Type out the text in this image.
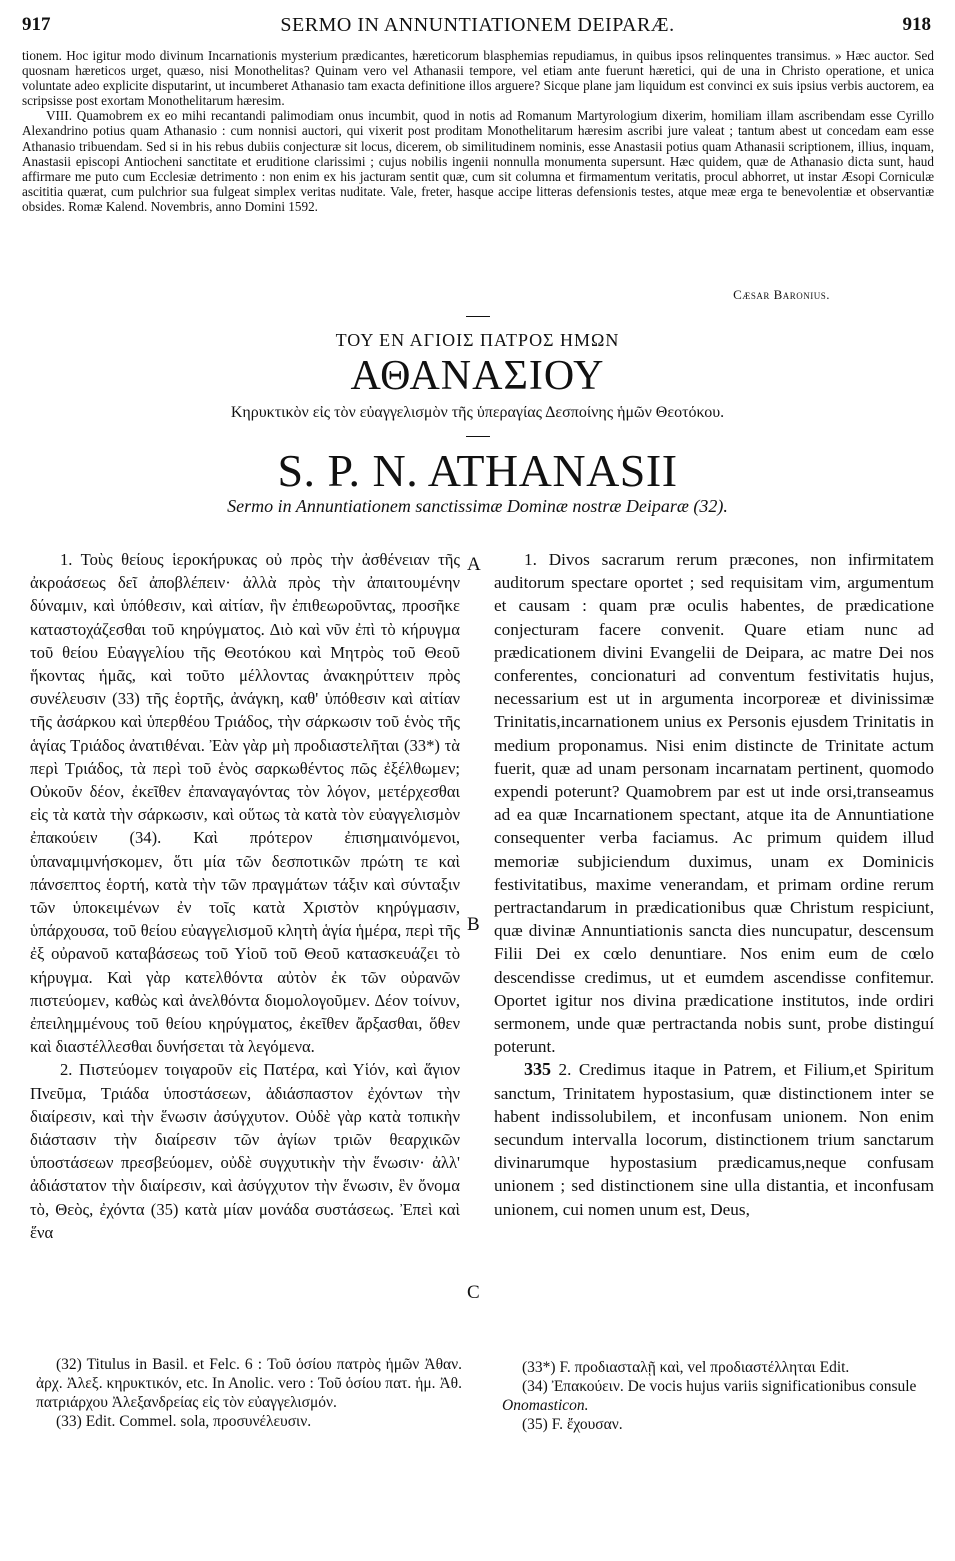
917	SERMO IN ANNUNTIATIONEM DEIPARÆ.	918

tionem. Hoc igitur modo divinum Incarnationis mysterium prædicantes, hæreticorum blasphemias repudiamus, in quibus ipsos relinquentes transimus. » Hæc auctor. Sed quosnam hæreticos urget, quæso, nisi Monothelitas? Quinam vero vel Athanasii tempore, vel etiam ante fuerunt hæretici, qui de una in Christo operatione, et unica voluntate adeo explicite disputarint, ut incumberet Athanasio tam exacta definitione illos arguere? Sicque plane jam liquidum est convinci ex suis ipsius verbis auctorem, ea scripsisse post exortam Monothelitarum hæresim.

VIII. Quamobrem ex eo mihi recantandi palimodiam onus incumbit, quod in notis ad Romanum Martyrologium dixerim, homiliam illam ascribendam esse Cyrillo Alexandrino potius quam Athanasio : cum nonnisi auctori, qui vixerit post proditam Monothelitarum hæresim ascribi jure valeat ; tantum abest ut concedam eam esse Athanasio tribuendam. Sed si in his rebus dubiis conjecturæ sit locus, dicerem, ob similitudinem nominis, esse Anastasii potius quam Athanasii scriptionem, illius, inquam, Anastasii episcopi Antiocheni sanctitate et eruditione clarissimi ; cujus nobilis ingenii nonnulla monumenta supersunt. Hæc quidem, quæ de Athanasio dicta sunt, haud affirmare me puto cum Ecclesiæ detrimento : non enim ex his jacturam sentit quæ, cum sit columna et firmamentum veritatis, procul abhorret, ut instar Æsopi Corniculæ ascititia quærat, cum pulchrior sua fulgeat simplex veritas nuditate. Vale, freter, hasque accipe litteras defensionis testes, atque meæ erga te benevolentiæ et observantiæ obsides. Romæ Kalend. Novembris, anno Domini 1592.

Cæsar Baronius.
ΤΟΥ ΕΝ ΑΓΙΟΙΣ ΠΑΤΡΟΣ ΗΜΩΝ
ΑΘΑΝΑΣΙΟΥ
Κηρυκτικὸν εἰς τὸν εὐαγγελισμὸν τῆς ὑπεραγίας Δεσποίνης ἡμῶν Θεοτόκου.
S. P. N. ATHANASII
Sermo in Annuntiationem sanctissimæ Dominæ nostræ Deiparæ (32).

1. Τοὺς θείους ἱεροκήρυκας οὐ πρὸς τὴν ἀσθένειαν τῆς ἀκροάσεως δεῖ ἀποβλέπειν· ἀλλὰ πρὸς τὴν ἀπαιτουμένην δύναμιν, καὶ ὑπόθεσιν, καὶ αἰτίαν, ἣν ἐπιθεωροῦντας, προσῆκε καταστοχάζεσθαι τοῦ κηρύγματος. Διὸ καὶ νῦν ἐπὶ τὸ κήρυγμα τοῦ θείου Εὐαγγελίου τῆς Θεοτόκου καὶ Μητρὸς τοῦ Θεοῦ ἥκοντας ἡμᾶς, καὶ τοῦτο μέλλοντας ἀνακηρύττειν πρὸς συνέλευσιν (33) τῆς ἑορτῆς, ἀνάγκη, καθ' ὑπόθεσιν καὶ αἰτίαν τῆς ἀσάρκου καὶ ὑπερθέου Τριάδος, τὴν σάρκωσιν τοῦ ἑνὸς τῆς ἁγίας Τριάδος ἀνατιθέναι. Ἐὰν γὰρ μὴ προδιαστελῆται (33*) τὰ περὶ Τριάδος, τὰ περὶ τοῦ ἑνὸς σαρκωθέντος πῶς ἐξέλθωμεν; Οὐκοῦν δέον, ἐκεῖθεν ἐπαναγαγόντας τὸν λόγον, μετέρχεσθαι εἰς τὰ κατὰ τὴν σάρκωσιν, καὶ οὕτως τὰ κατὰ τὸν εὐαγγελισμὸν ἐπακούειν (34). Καὶ πρότερον ἐπισημαινόμενοι, ὑπαναμιμνήσκομεν, ὅτι μία τῶν δεσποτικῶν πρώτη τε καὶ πάνσεπτος ἑορτή, κατὰ τὴν τῶν πραγμάτων τάξιν καὶ σύνταξιν τῶν ὑποκειμένων ἐν τοῖς κατὰ Χριστὸν κηρύγμασιν, ὑπάρχουσα, τοῦ θείου εὐαγγελισμοῦ κλητὴ ἁγία ἡμέρα, περὶ τῆς ἐξ οὐρανοῦ καταβάσεως τοῦ Υἱοῦ τοῦ Θεοῦ κατασκευάζει τὸ κήρυγμα. Καὶ γὰρ κατελθόντα αὐτὸν ἐκ τῶν οὐρανῶν πιστεύομεν, καθὼς καὶ ἀνελθόντα διομολογοῦμεν. Δέον τοίνυν, ἐπειλημμένους τοῦ θείου κηρύγματος, ἐκεῖθεν ἄρξασθαι, ὅθεν καὶ διαστέλλεσθαι δυνήσεται τὰ λεγόμενα.

2. Πιστεύομεν τοιγαροῦν εἰς Πατέρα, καὶ Υἱόν, καὶ ἅγιον Πνεῦμα, Τριάδα ὑποστάσεων, ἀδιάσπαστον ἐχόντων τὴν διαίρεσιν, καὶ τὴν ἕνωσιν ἀσύγχυτον. Οὐδὲ γὰρ κατὰ τοπικὴν διάστασιν τὴν διαίρεσιν τῶν ἁγίων τριῶν θεαρχικῶν ὑποστάσεων πρεσβεύομεν, οὐδὲ συγχυτικὴν τὴν ἕνωσιν· ἀλλ' ἀδιάστατον τὴν διαίρεσιν, καὶ ἀσύγχυτον τὴν ἕνωσιν, ἓν ὄνομα τὸ, Θεὸς, ἐχόντα (35) κατὰ μίαν μονάδα συστάσεως. Ἐπεὶ καὶ ἕνα

A
B
C

1. Divos sacrarum rerum præcones, non infirmitatem auditorum spectare oportet ; sed requisitam vim, argumentum et causam : quam præ oculis habentes, de prædicatione conjecturam facere convenit. Quare etiam nunc ad prædicationem divini Evangelii de Deipara, ac matre Dei nos conferentes, concionaturi ad conventum festivitatis hujus, necessarium est ut in argumenta incorporeæ et divinissimæ Trinitatis,incarnationem unius ex Personis ejusdem Trinitatis in medium proponamus. Nisi enim distincte de Trinitate actum fuerit, quæ ad unam personam incarnatam pertinent, quomodo expendi poterunt? Quamobrem par est ut inde orsi,transeamus ad ea quæ Incarnationem spectant, atque ita de Annuntiatione consequenter verba faciamus. Ac primum quidem illud memoriæ subjiciendum duximus, unam ex Dominicis festivitatibus, maxime venerandam, et primam ordine rerum pertractandarum in prædicationibus quæ Christum respiciunt, quæ divinæ Annuntiationis sancta dies nuncupatur, descensum Filii Dei ex cœlo denuntiare. Nos enim eum de cœlo descendisse credimus, ut et eumdem ascendisse confitemur. Oportet igitur nos divina prædicatione institutos, inde ordiri sermonem, unde quæ pertractanda nobis sunt, probe distinguí poterunt.

335 2. Credimus itaque in Patrem, et Filium,et Spiritum sanctum, Trinitatem hypostasium, quæ distinctionem inter se habent indissolubilem, et inconfusam unionem. Non enim secundum intervalla locorum, distinctionem trium sanctarum divinarumque hypostasium prædicamus,neque confusam unionem ; sed distinctionem sine ulla distantia, et inconfusam unionem, cui nomen unum est, Deus,

(32) Titulus in Basil. et Felc. 6 : Τοῦ ὁσίου πατρὸς ἡμῶν Ἀθαν. ἀρχ. Ἀλεξ. κηρυκτικόν, etc. In Anolic. vero : Τοῦ ὁσίου πατ. ἡμ. Ἀθ. πατριάρχου Ἀλεξανδρείας εἰς τὸν εὐαγγελισμόν.

(33) Edit. Commel. sola, προσυνέλευσιν.

(33*) F. προδιασταλῇ καὶ, vel προδιαστέλληται Edit.

(34) Ἐπακούειν. De vocis hujus variis significationibus consule Onomasticon.

(35) F. ἔχουσαν.
